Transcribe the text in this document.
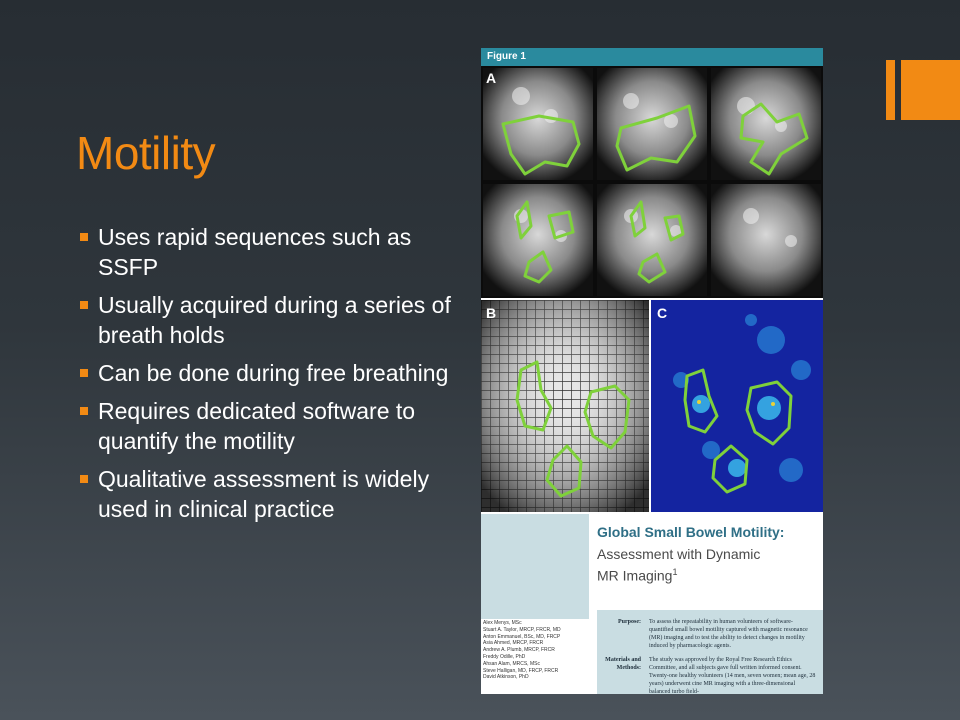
Motility
Uses rapid sequences such as SSFP
Usually acquired during a series of breath holds
Can be done during free breathing
Requires dedicated software to quantify the motility
Qualitative assessment is widely used in clinical practice
Figure 1
A
B	C
Global Small Bowel Motility:
Assessment with Dynamic
MR Imaging$^1$
Alex Menys, MSc
Stuart A. Taylor, MRCP, FRCR, MD
Anton Emmanuel, BSc, MD, FRCP
Asia Ahmed, MRCP, FRCR
Andrew A. Plumb, MRCP, FRCR
Freddy Odille, PhD
Ahsan Alam, MRCS, MSc
Steve Halligan, MD, FRCP, FRCR
David Atkinson, PhD
Purpose: To assess the repeatability in human volunteers of software-quantified small bowel motility captured with magnetic resonance (MR) imaging and to test the ability to detect changes in motility induced by pharmacologic agents.
Materials and Methods:
The study was approved by the Royal Free Research Ethics Committee, and all subjects gave full written informed consent. Twenty-one healthy volunteers (14 men, seven women; mean age, 28 years) underwent cine MR imaging with a three-dimensional balanced turbo field-
